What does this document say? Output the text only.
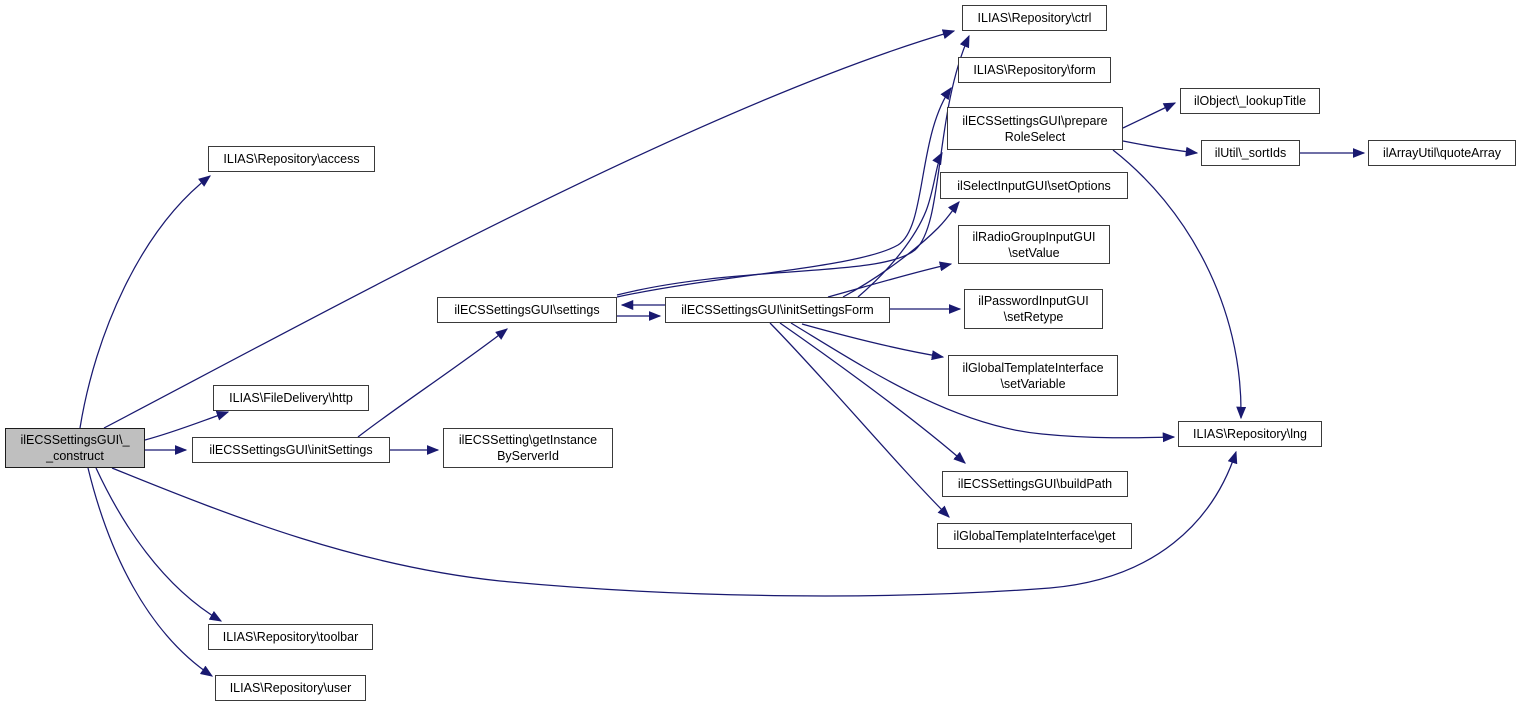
ilECSSettingsGUI\_
_construct
ILIAS\Repository\access
ILIAS\FileDelivery\http
ilECSSettingsGUI\initSettings
ILIAS\Repository\toolbar
ILIAS\Repository\user
ilECSSetting\getInstance
ByServerId
ilECSSettingsGUI\settings	ilECSSettingsGUI\initSettingsForm
ILIAS\Repository\ctrl
ILIAS\Repository\form
ilECSSettingsGUI\prepare
RoleSelect
ilSelectInputGUI\setOptions
ilRadioGroupInputGUI
\setValue
ilPasswordInputGUI
\setRetype
ilGlobalTemplateInterface
\setVariable
ILIAS\Repository\lng
ilECSSettingsGUI\buildPath
ilGlobalTemplateInterface\get
ilObject\_lookupTitle
ilUtil\_sortIds	ilArrayUtil\quoteArray
